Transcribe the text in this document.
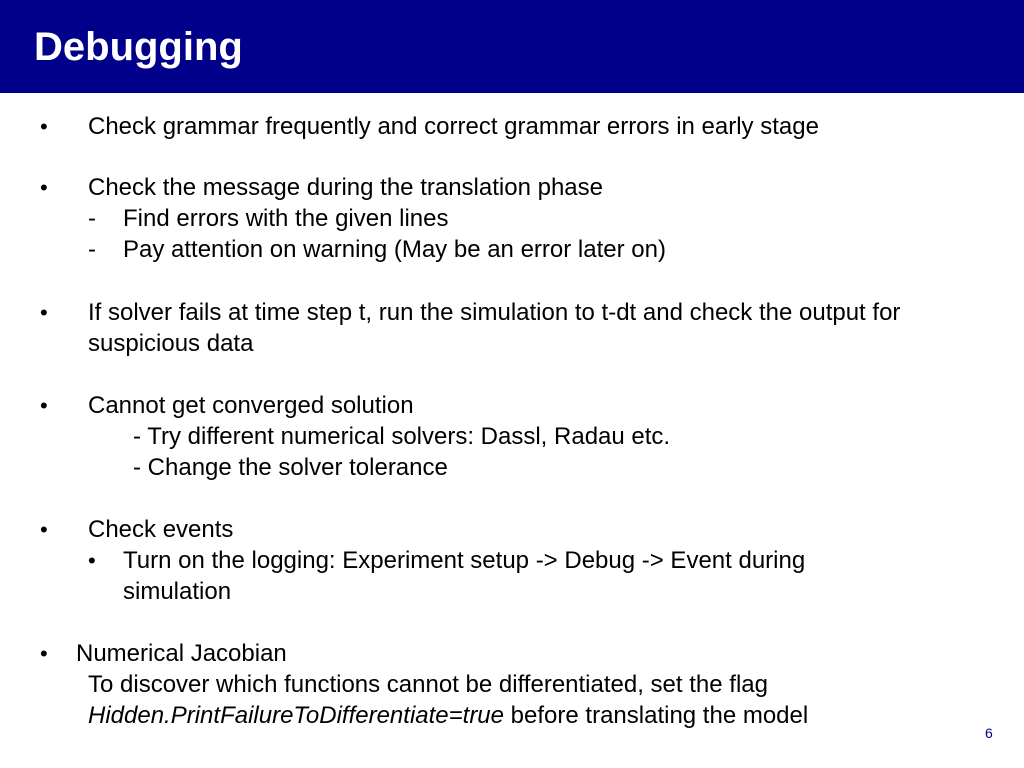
Debugging
• Check grammar frequently and correct grammar errors in early stage
• Check the message during the translation phase
- Find errors with the given lines
- Pay attention on warning (May be an error later on)
• If solver fails at time step t, run the simulation to t-dt and check the output for
suspicious data
• Cannot get converged solution
- Try different numerical solvers: Dassl, Radau etc.
- Change the solver tolerance
• Check events
• Turn on the logging: Experiment setup -> Debug -> Event during
simulation
• Numerical Jacobian
To discover which functions cannot be differentiated, set the flag
Hidden.PrintFailureToDifferentiate=true before translating the model
6
